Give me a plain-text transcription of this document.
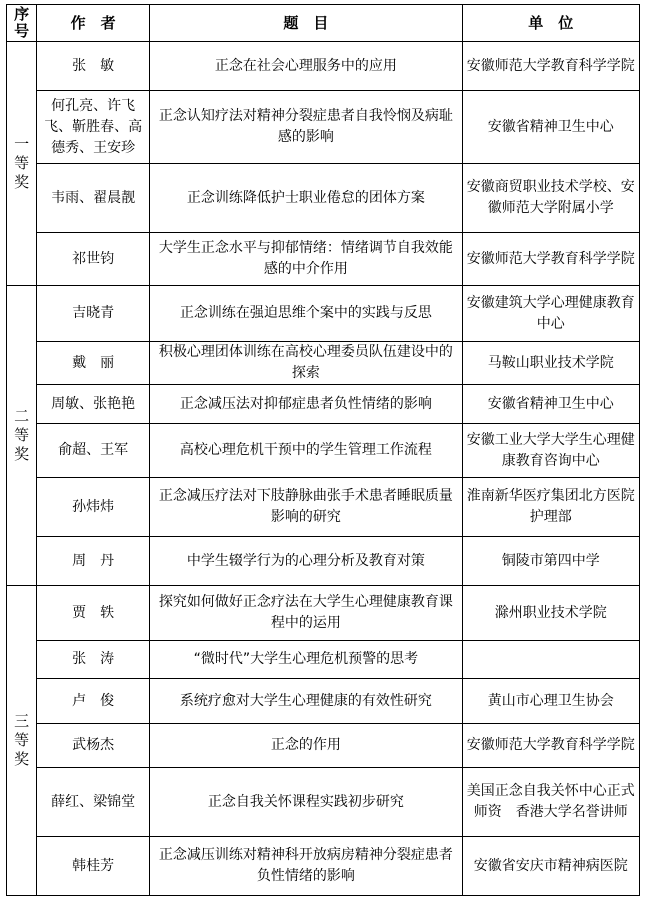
序
号	作　者	题　目	单　位

一
等
奖	张　敏	正念在社会心理服务中的应用	安徽师范大学教育科学学院
	何孔亮、许飞飞、靳胜春、高德秀、王安珍	正念认知疗法对精神分裂症患者自我怜悯及病耻感的影响	安徽省精神卫生中心
	韦雨、翟晨靓	正念训练降低护士职业倦怠的团体方案	安徽商贸职业技术学校、安徽师范大学附属小学
	祁世钧	大学生正念水平与抑郁情绪：情绪调节自我效能感的中介作用	安徽师范大学教育科学学院

二
等
奖	吉晓青	正念训练在强迫思维个案中的实践与反思	安徽建筑大学心理健康教育中心
	戴　丽	积极心理团体训练在高校心理委员队伍建设中的探索	马鞍山职业技术学院
	周敏、张艳艳	正念减压法对抑郁症患者负性情绪的影响	安徽省精神卫生中心
	俞超、王军	高校心理危机干预中的学生管理工作流程	安徽工业大学大学生心理健康教育咨询中心
	孙炜炜	正念减压疗法对下肢静脉曲张手术患者睡眠质量影响的研究	淮南新华医疗集团北方医院护理部
	周　丹	中学生辍学行为的心理分析及教育对策	铜陵市第四中学

三
等
奖	贾　轶	探究如何做好正念疗法在大学生心理健康教育课程中的运用	滁州职业技术学院
	张　涛	“微时代”大学生心理危机预警的思考	
	卢　俊	系统疗愈对大学生心理健康的有效性研究	黄山市心理卫生协会
	武杨杰	正念的作用	安徽师范大学教育科学学院
	薛红、梁锦堂	正念自我关怀课程实践初步研究	美国正念自我关怀中心正式师资　香港大学名誉讲师
	韩桂芳	正念减压训练对精神科开放病房精神分裂症患者负性情绪的影响	安徽省安庆市精神病医院
